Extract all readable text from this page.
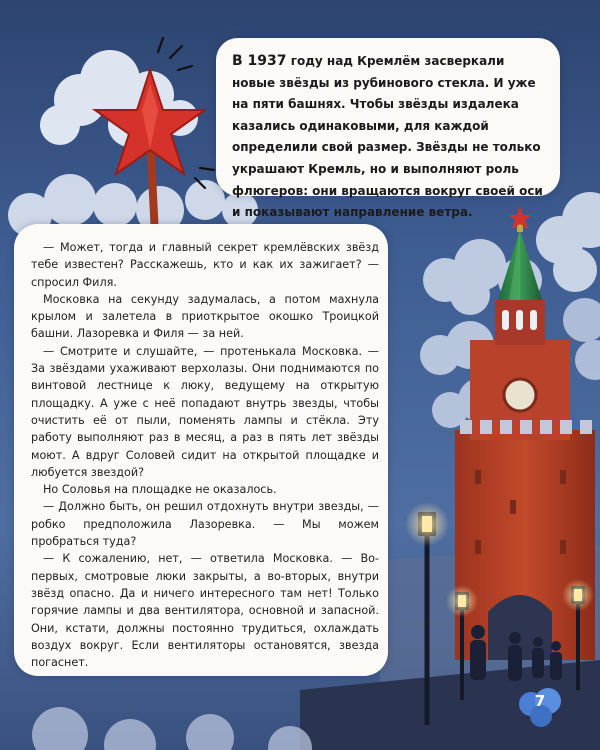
В 1937 году над Кремлём засверкали новые звёзды из рубинового стекла. И уже на пяти башнях. Чтобы звёзды издалека казались одинаковыми, для каждой определили свой размер. Звёзды не только украшают Кремль, но и выполняют роль флюгеров: они вращаются вокруг своей оси и показывают направление ветра.

— Может, тогда и главный секрет кремлёвских звёзд тебе известен? Расскажешь, кто и как их зажигает? — спросил Филя.

Московка на секунду задумалась, а потом махнула крылом и залетела в приоткрытое окошко Троицкой башни. Лазоревка и Филя — за ней.

— Смотрите и слушайте, — протенькала Московка. — За звёздами ухаживают верхолазы. Они поднимаются по винтовой лестнице к люку, ведущему на открытую площадку. А уже с неё попадают внутрь звезды, чтобы очистить её от пыли, поменять лампы и стёкла. Эту работу выполняют раз в месяц, а раз в пять лет звёзды моют. А вдруг Соловей сидит на открытой площадке и любуется звездой?

Но Соловья на площадке не оказалось.

— Должно быть, он решил отдохнуть внутри звезды, — робко предположила Лазоревка. — Мы можем пробраться туда?

— К сожалению, нет, — ответила Московка. — Во-первых, смотровые люки закрыты, а во-вторых, внутри звёзд опасно. Да и ничего интересного там нет! Только горячие лампы и два вентилятора, основной и запасной. Они, кстати, должны постоянно трудиться, охлаждать воздух вокруг. Если вентиляторы остановятся, звезда погаснет.

7
